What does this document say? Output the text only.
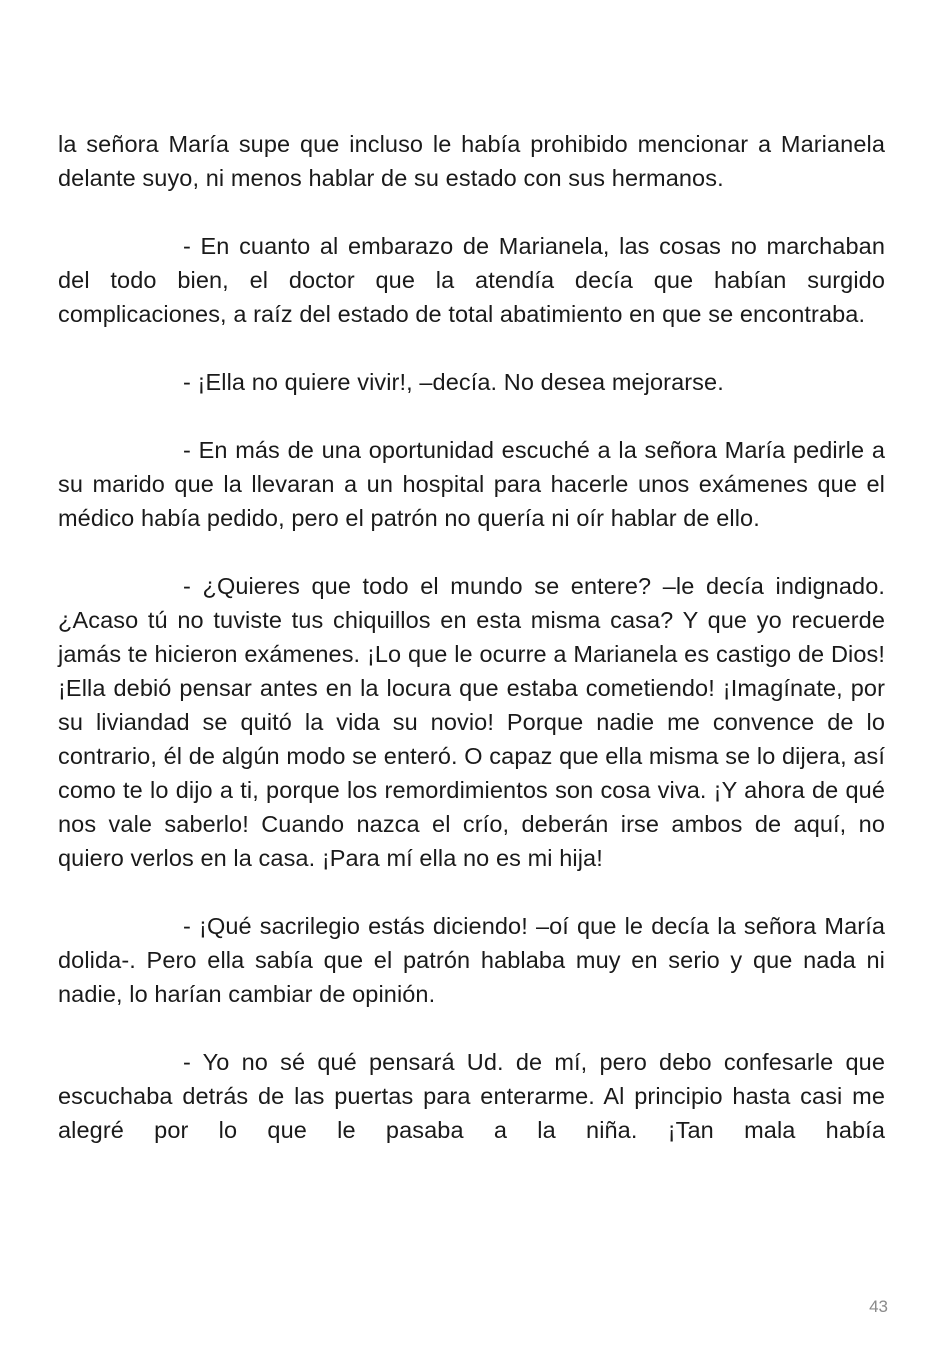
la señora María supe que incluso le había prohibido mencionar a Marianela delante suyo, ni menos hablar de su estado con sus hermanos.

- En cuanto al embarazo de Marianela, las cosas no marchaban del todo bien, el doctor que la atendía decía que habían surgido complicaciones, a raíz del estado de total abatimiento en que se encontraba.

- ¡Ella no quiere vivir!, –decía. No desea mejorarse.

- En más de una oportunidad escuché a la señora María pedirle a su marido que la llevaran a un hospital para hacerle unos exámenes que el médico había pedido, pero el patrón no quería ni oír hablar de ello.

- ¿Quieres que todo el mundo se entere? –le decía indignado. ¿Acaso tú no tuviste tus chiquillos en esta misma casa? Y que yo recuerde jamás te hicieron exámenes. ¡Lo que le ocurre a Marianela es castigo de Dios! ¡Ella debió pensar antes en la locura que estaba cometiendo! ¡Imagínate, por su liviandad se quitó la vida su novio! Porque nadie me convence de lo contrario, él de algún modo se enteró. O capaz que ella misma se lo dijera, así como te lo dijo a ti, porque los remordimientos son cosa viva. ¡Y ahora de qué nos vale saberlo! Cuando nazca el crío, deberán irse ambos de aquí, no quiero verlos en la casa. ¡Para mí ella no es mi hija!

- ¡Qué sacrilegio estás diciendo! –oí que le decía la señora María dolida-. Pero ella sabía que el patrón hablaba muy en serio y que nada ni nadie, lo harían cambiar de opinión.

- Yo no sé qué pensará Ud. de mí, pero debo confesarle que escuchaba detrás de las puertas para enterarme. Al principio hasta casi me alegré por lo que le pasaba a la niña. ¡Tan mala había

43
